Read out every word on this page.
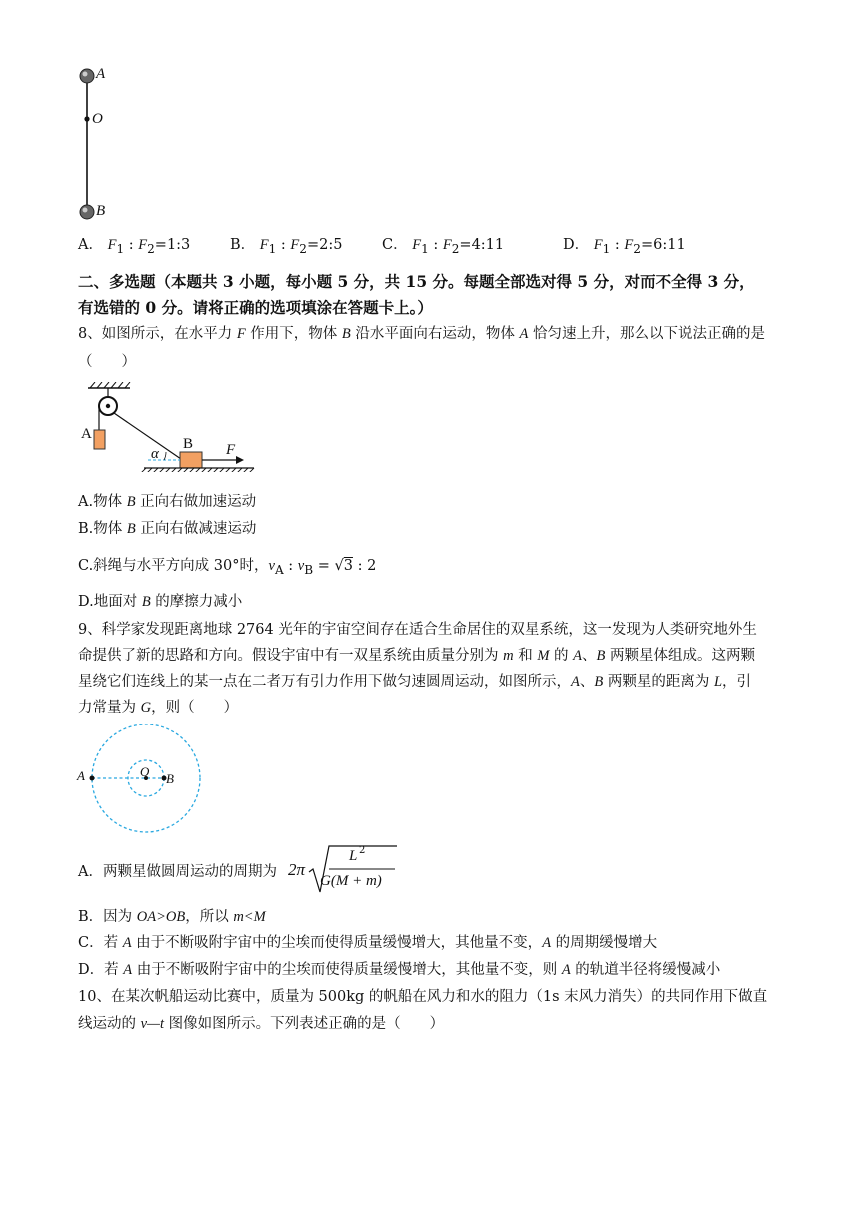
A
O
B
A． $F_1$ : $F_2=1:3$	B． $F_1$ : $F_2=2:5$	C． $F_1$ : $F_2=4:11$	D． $F_1$ : $F_2=6:11$
二、多选题（本题共 3 小题，每小题 5 分，共 15 分。每题全部选对得 5 分，对而不全得 3 分，
有选错的 0 分。请将正确的选项填涂在答题卡上。）
8、如图所示，在水平力 F 作用下，物体 B 沿水平面向右运动，物体 A 恰匀速上升，那么以下说法正确的是
（　　）
A
B F
α
A.物体 B 正向右做加速运动
B.物体 B 正向右做减速运动
C.斜绳与水平方向成 30°时，$v_A$ : $v_B = √3$ : 2
D.地面对 B 的摩擦力减小
9、科学家发现距离地球 2764 光年的宇宙空间存在适合生命居住的双星系统，这一发现为人类研究地外生
命提供了新的思路和方向。假设宇宙中有一双星系统由质量分别为 m 和 M 的 A、B 两颗星体组成。这两颗
星绕它们连线上的某一点在二者万有引力作用下做匀速圆周运动，如图所示，A、B 两颗星的距离为 L，引
力常量为 G，则（　　）
A	O B
A．两颗星做圆周运动的周期为 2π
L 2
G(M + m)
B．因为 OA>OB，所以 m<M
C．若 A 由于不断吸附宇宙中的尘埃而使得质量缓慢增大，其他量不变，A 的周期缓慢增大
D．若 A 由于不断吸附宇宙中的尘埃而使得质量缓慢增大，其他量不变，则 A 的轨道半径将缓慢减小
10、在某次帆船运动比赛中，质量为 500kg 的帆船在风力和水的阻力（1s 末风力消失）的共同作用下做直
线运动的 v—t 图像如图所示。下列表述正确的是（　　）
